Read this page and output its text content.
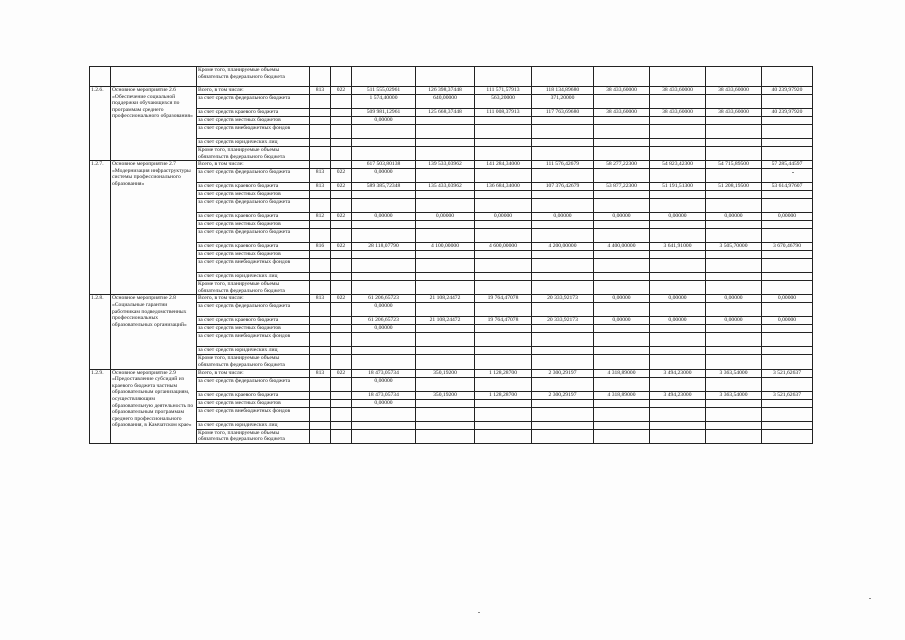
		Кроме того, планируемые объемы обязательств федерального бюджета										
1.2.6.	Основное мероприятие 2.6 «Обеспечение социальной поддержки обучающихся по программам среднего профессионального образования»	Всего, в том числе:	813	022	511 555,02961	126 398,37448	111 571,57913	118 134,89680	38 433,60000	38 433,60000	38 433,60000	40 239,97920
		за счет средств федерального бюджета			1 574,40000	640,00000	563,20000	371,20000				
		за счет средств краевого бюджета			509 981,12961	125 668,37448	111 008,37913	117 763,69680	38 433,60000	38 433,60000	38 433,60000	40 239,97920
		за счет средств местных бюджетов			0,00000							
		за счет средств внебюджетных фондов										
		за счет средств юридических лиц										
		Кроме того, планируемые объемы обязательств федерального бюджета										
1.2.7.	Основное мероприятие 2.7 «Модернизация инфраструктуры системы профессионального образования»	Всего, в том числе:			617 503,80138	139 533,03962	141 284,34000	111 576,42679	58 277,22300	54 823,42300	54 715,89500	57 285,44597
		за счет средств федерального бюджета	813	022	0,00000							
		за счет средств краевого бюджета	813	022	589 385,72348	135 433,03962	136 684,34000	107 376,42679	53 877,22300	51 191,51300	51 208,19500	53 614,97607
		за счет средств местных бюджетов										
		за счет средств федерального бюджета										
		за счет средств краевого бюджета	812	022	0,00000	0,00000	0,00000	0,00000	0,00000	0,00000	0,00000	0,00000
		за счет средств местных бюджетов										
		за счет средств федерального бюджета										
		за счет средств краевого бюджета	816	022	28 118,07790	4 100,00000	4 600,00000	4 200,00000	4 400,00000	3 641,91000	3 505,70000	3 670,46790
		за счет средств местных бюджетов										
		за счет средств внебюджетных фондов										
		за счет средств юридических лиц										
		Кроме того, планируемые объемы обязательств федерального бюджета										
1.2.8.	Основное мероприятие 2.8 «Социальные гарантии работникам подведомственных профессиональных образовательных организаций»	Всего, в том числе:	813	022	61 206,65723	21 108,24472	19 764,47078	20 333,92173	0,00000	0,00000	0,00000	0,00000
		за счет средств федерального бюджета			0,00000							
		за счет средств краевого бюджета			61 206,65723	21 108,24472	19 764,47078	20 333,92173	0,00000	0,00000	0,00000	0,00000
		за счет средств местных бюджетов			0,00000							
		за счет средств внебюджетных фондов										
		за счет средств юридических лиц										
		Кроме того, планируемые объемы обязательств федерального бюджета										
1.2.9.	Основное мероприятие 2.9 «Предоставление субсидий из краевого бюджета частным образовательным организациям, осуществляющим образовательную деятельность по образовательным программам среднего профессионального образования, в Камчатском крае»	Всего, в том числе:	813	022	18 473,05734	350,19200	1 128,28700	2 300,29197	4 318,89000	3 494,23000	3 363,54000	3 521,62637
		за счет средств федерального бюджета			0,00000							
		за счет средств краевого бюджета			18 473,05734	350,19200	1 128,28700	2 300,29197	4 318,89000	3 494,23000	3 363,54000	3 521,62637
		за счет средств местных бюджетов			0,00000							
		за счет средств внебюджетных фондов										
		за счет средств юридических лиц										
		Кроме того, планируемые объемы обязательств федерального бюджета										
